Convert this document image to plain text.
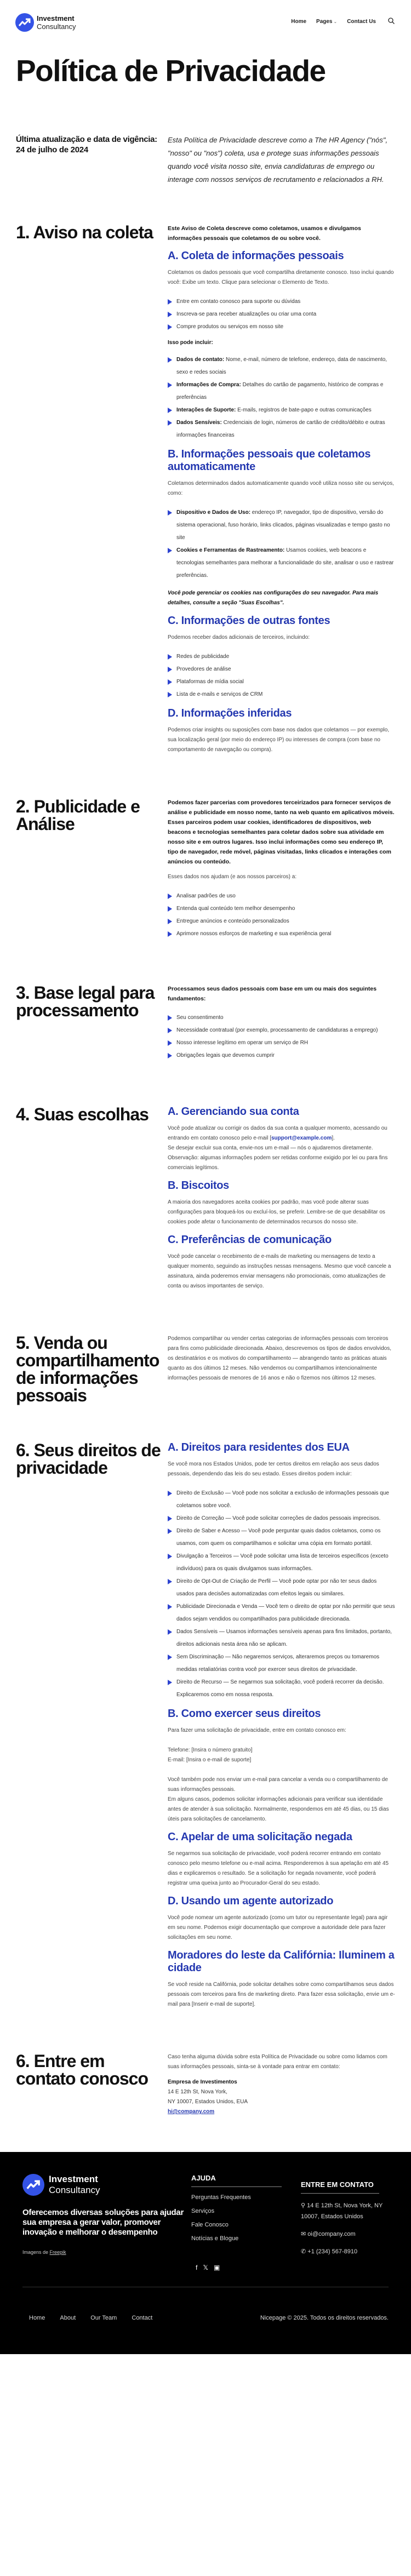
Investment
Consultancy
Home Pages ⌄ Contact Us
Política de Privacidade
Última atualização e data de vigência: 24 de julho de 2024

Esta Política de Privacidade descreve como a The HR Agency ("nós", "nosso" ou "nos") coleta, usa e protege suas informações pessoais quando você visita nosso site, envia candidaturas de emprego ou interage com nossos serviços de recrutamento e relacionados a RH.

1. Aviso na coleta	Este Aviso de Coleta descreve como coletamos, usamos e divulgamos informações pessoais que coletamos de ou sobre você.
A. Coleta de informações pessoais
Coletamos os dados pessoais que você compartilha diretamente conosco. Isso inclui quando você: Exibe um texto. Clique para selecionar o Elemento de Texto.
Entre em contato conosco para suporte ou dúvidas
Inscreva-se para receber atualizações ou criar uma conta
Compre produtos ou serviços em nosso site
Isso pode incluir:
Dados de contato: Nome, e-mail, número de telefone, endereço, data de nascimento, sexo e redes sociais
Informações de Compra: Detalhes do cartão de pagamento, histórico de compras e preferências
Interações de Suporte: E-mails, registros de bate-papo e outras comunicações
Dados Sensíveis: Credenciais de login, números de cartão de crédito/débito e outras informações financeiras
B. Informações pessoais que coletamos automaticamente
Coletamos determinados dados automaticamente quando você utiliza nosso site ou serviços, como:
Dispositivo e Dados de Uso: endereço IP, navegador, tipo de dispositivo, versão do sistema operacional, fuso horário, links clicados, páginas visualizadas e tempo gasto no site
Cookies e Ferramentas de Rastreamento: Usamos cookies, web beacons e tecnologias semelhantes para melhorar a funcionalidade do site, analisar o uso e rastrear preferências.
Você pode gerenciar os cookies nas configurações do seu navegador. Para mais detalhes, consulte a seção "Suas Escolhas".
C. Informações de outras fontes
Podemos receber dados adicionais de terceiros, incluindo:
Redes de publicidade
Provedores de análise
Plataformas de mídia social
Lista de e-mails e serviços de CRM
D. Informações inferidas
Podemos criar insights ou suposições com base nos dados que coletamos — por exemplo, sua localização geral (por meio do endereço IP) ou interesses de compra (com base no comportamento de navegação ou compra).
2. Publicidade e Análise
Podemos fazer parcerias com provedores terceirizados para fornecer serviços de análise e publicidade em nosso nome, tanto na web quanto em aplicativos móveis. Esses parceiros podem usar cookies, identificadores de dispositivos, web beacons e tecnologias semelhantes para coletar dados sobre sua atividade em nosso site e em outros lugares. Isso inclui informações como seu endereço IP, tipo de navegador, rede móvel, páginas visitadas, links clicados e interações com anúncios ou conteúdo.
Esses dados nos ajudam (e aos nossos parceiros) a:
Analisar padrões de uso
Entenda qual conteúdo tem melhor desempenho
Entregue anúncios e conteúdo personalizados
Aprimore nossos esforços de marketing e sua experiência geral
3. Base legal para processamento
Processamos seus dados pessoais com base em um ou mais dos seguintes fundamentos:
Seu consentimento
Necessidade contratual (por exemplo, processamento de candidaturas a emprego)
Nosso interesse legítimo em operar um serviço de RH
Obrigações legais que devemos cumprir
4. Suas escolhas	A. Gerenciando sua conta
Você pode atualizar ou corrigir os dados da sua conta a qualquer momento, acessando ou entrando em contato conosco pelo e-mail [support@example.com].
Se desejar excluir sua conta, envie-nos um e-mail — nós o ajudaremos diretamente.
Observação: algumas informações podem ser retidas conforme exigido por lei ou para fins comerciais legítimos.
B. Biscoitos
A maioria dos navegadores aceita cookies por padrão, mas você pode alterar suas configurações para bloqueá-los ou excluí-los, se preferir. Lembre-se de que desabilitar os cookies pode afetar o funcionamento de determinados recursos do nosso site.
C. Preferências de comunicação
Você pode cancelar o recebimento de e-mails de marketing ou mensagens de texto a qualquer momento, seguindo as instruções nessas mensagens. Mesmo que você cancele a assinatura, ainda poderemos enviar mensagens não promocionais, como atualizações de conta ou avisos importantes de serviço.
5. Venda ou compartilhamento de informações pessoais
Podemos compartilhar ou vender certas categorias de informações pessoais com terceiros para fins como publicidade direcionada. Abaixo, descrevemos os tipos de dados envolvidos, os destinatários e os motivos do compartilhamento — abrangendo tanto as práticas atuais quanto as dos últimos 12 meses. Não vendemos ou compartilhamos intencionalmente informações pessoais de menores de 16 anos e não o fizemos nos últimos 12 meses.
6. Seus direitos de privacidade
A. Direitos para residentes dos EUA
Se você mora nos Estados Unidos, pode ter certos direitos em relação aos seus dados pessoais, dependendo das leis do seu estado. Esses direitos podem incluir:
Direito de Exclusão — Você pode nos solicitar a exclusão de informações pessoais que coletamos sobre você.
Direito de Correção — Você pode solicitar correções de dados pessoais imprecisos.
Direito de Saber e Acesso — Você pode perguntar quais dados coletamos, como os usamos, com quem os compartilhamos e solicitar uma cópia em formato portátil.
Divulgação a Terceiros — Você pode solicitar uma lista de terceiros específicos (exceto indivíduos) para os quais divulgamos suas informações.
Direito de Opt-Out de Criação de Perfil — Você pode optar por não ter seus dados usados para decisões automatizadas com efeitos legais ou similares.
Publicidade Direcionada e Venda — Você tem o direito de optar por não permitir que seus dados sejam vendidos ou compartilhados para publicidade direcionada.
Dados Sensíveis — Usamos informações sensíveis apenas para fins limitados, portanto, direitos adicionais nesta área não se aplicam.
Sem Discriminação — Não negaremos serviços, alteraremos preços ou tomaremos medidas retaliatórias contra você por exercer seus direitos de privacidade.
Direito de Recurso — Se negarmos sua solicitação, você poderá recorrer da decisão. Explicaremos como em nossa resposta.
B. Como exercer seus direitos
Para fazer uma solicitação de privacidade, entre em contato conosco em:

Telefone: [Insira o número gratuito]
E-mail: [Insira o e-mail de suporte]

Você também pode nos enviar um e-mail para cancelar a venda ou o compartilhamento de suas informações pessoais.
Em alguns casos, podemos solicitar informações adicionais para verificar sua identidade antes de atender à sua solicitação. Normalmente, respondemos em até 45 dias, ou 15 dias úteis para solicitações de cancelamento.
C. Apelar de uma solicitação negada
Se negarmos sua solicitação de privacidade, você poderá recorrer entrando em contato conosco pelo mesmo telefone ou e-mail acima. Responderemos à sua apelação em até 45 dias e explicaremos o resultado. Se a solicitação for negada novamente, você poderá registrar uma queixa junto ao Procurador-Geral do seu estado.
D. Usando um agente autorizado
Você pode nomear um agente autorizado (como um tutor ou representante legal) para agir em seu nome. Podemos exigir documentação que comprove a autoridade dele para fazer solicitações em seu nome.
Moradores do leste da Califórnia: Iluminem a cidade
Se você reside na Califórnia, pode solicitar detalhes sobre como compartilhamos seus dados pessoais com terceiros para fins de marketing direto. Para fazer essa solicitação, envie um e-mail para [Inserir e-mail de suporte].
6. Entre em contato conosco
Caso tenha alguma dúvida sobre esta Política de Privacidade ou sobre como lidamos com suas informações pessoais, sinta-se à vontade para entrar em contato:
Empresa de Investimentos
14 E 12th St, Nova York,
NY 10007, Estados Unidos, EUA
hi@company.com
Investment
Consultancy
Oferecemos diversas soluções para ajudar sua empresa a gerar valor, promover inovação e melhorar o desempenho
Imagens de Freepik
AJUDA
Perguntas Frequentes
Serviços
Fale Conosco
Notícias e Blogue
f 𝕏 ▣
ENTRE EM CONTATO
⚲ 14 E 12th St, Nova York, NY 10007, Estados Unidos
✉ oi@company.com
✆ +1 (234) 567-8910
Home About Our Team Contact	Nicepage © 2025. Todos os direitos reservados.
